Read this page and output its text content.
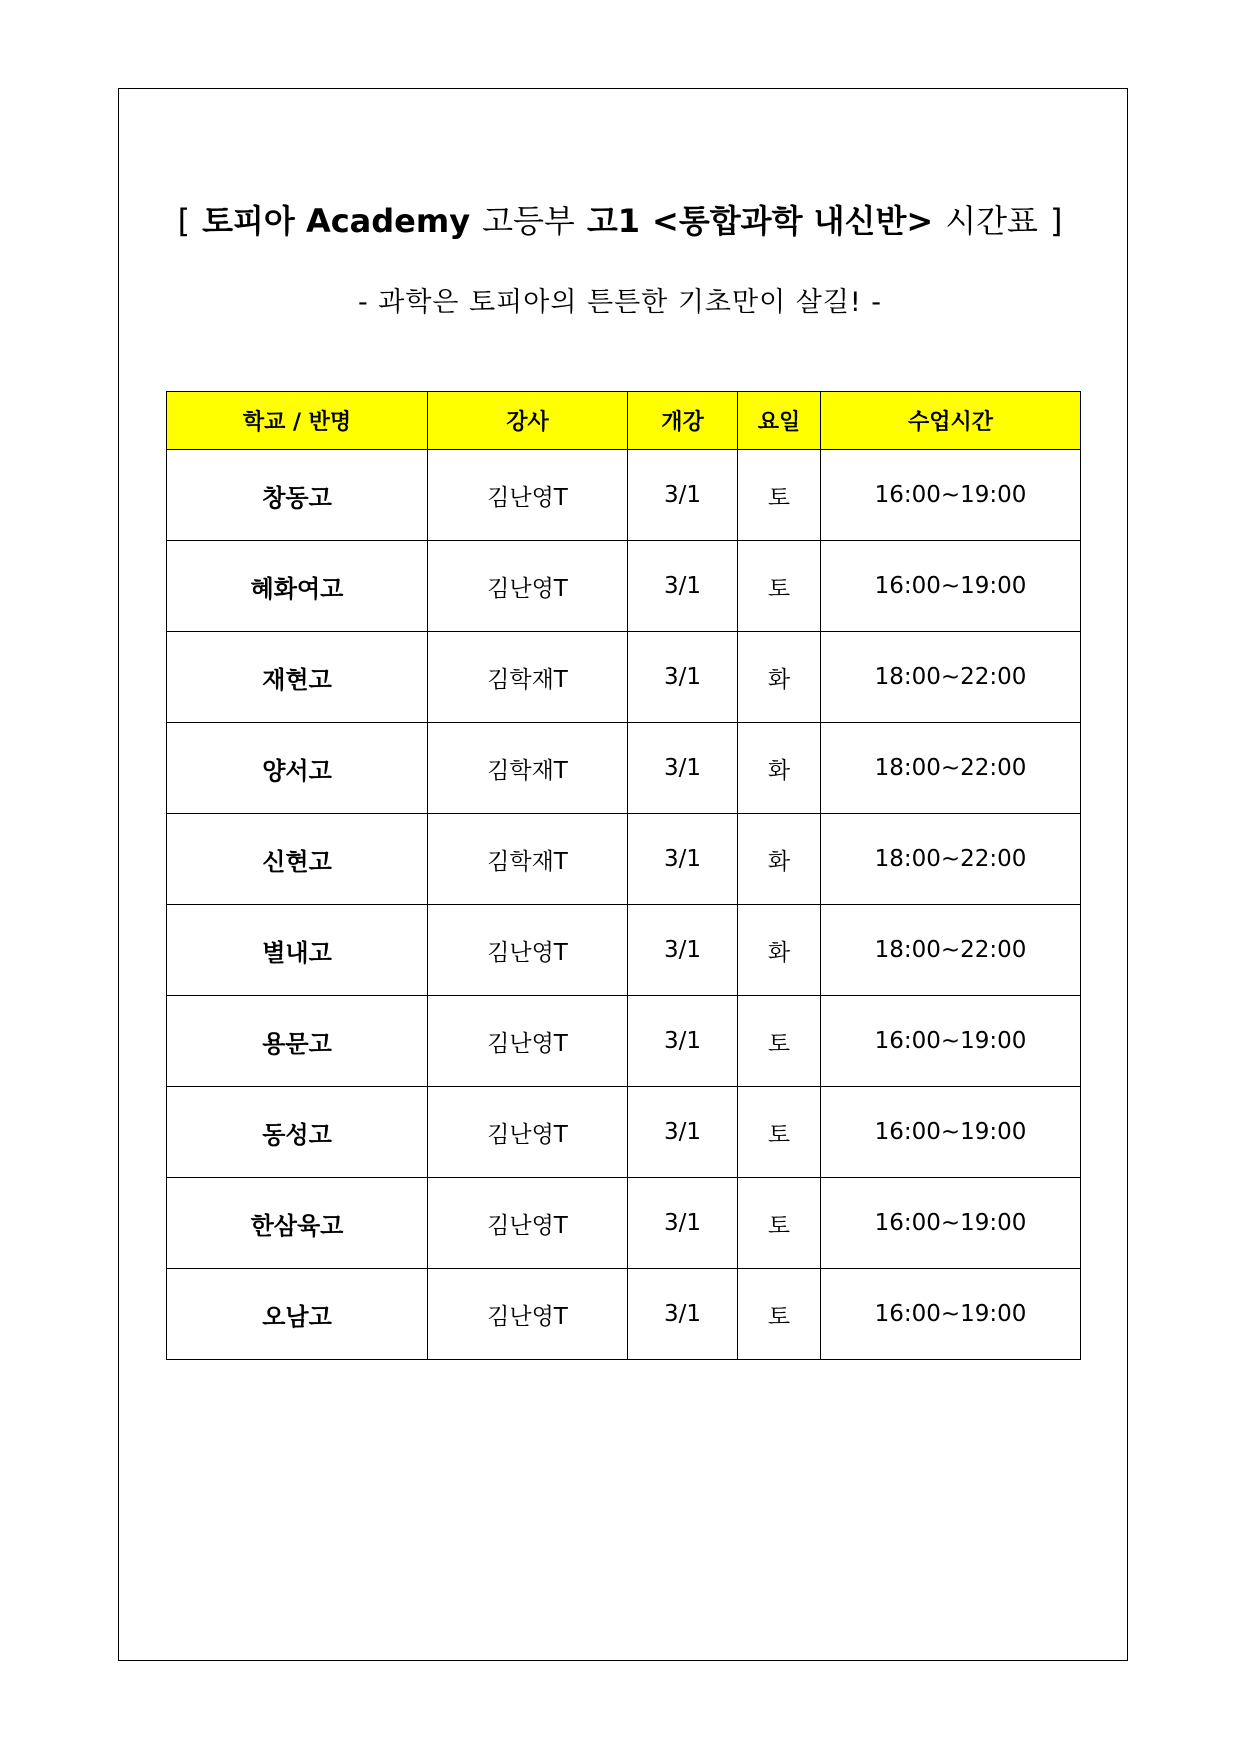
[ 토피아 Academy 고등부 고1 <통합과학 내신반> 시간표 ]
- 과학은 토피아의 튼튼한 기초만이 살길! -
학교 / 반명	강사	개강	요일	수업시간
창동고	김난영T	3/1	토	16:00~19:00
혜화여고	김난영T	3/1	토	16:00~19:00
재현고	김학재T	3/1	화	18:00~22:00
양서고	김학재T	3/1	화	18:00~22:00
신현고	김학재T	3/1	화	18:00~22:00
별내고	김난영T	3/1	화	18:00~22:00
용문고	김난영T	3/1	토	16:00~19:00
동성고	김난영T	3/1	토	16:00~19:00
한삼육고	김난영T	3/1	토	16:00~19:00
오남고	김난영T	3/1	토	16:00~19:00
